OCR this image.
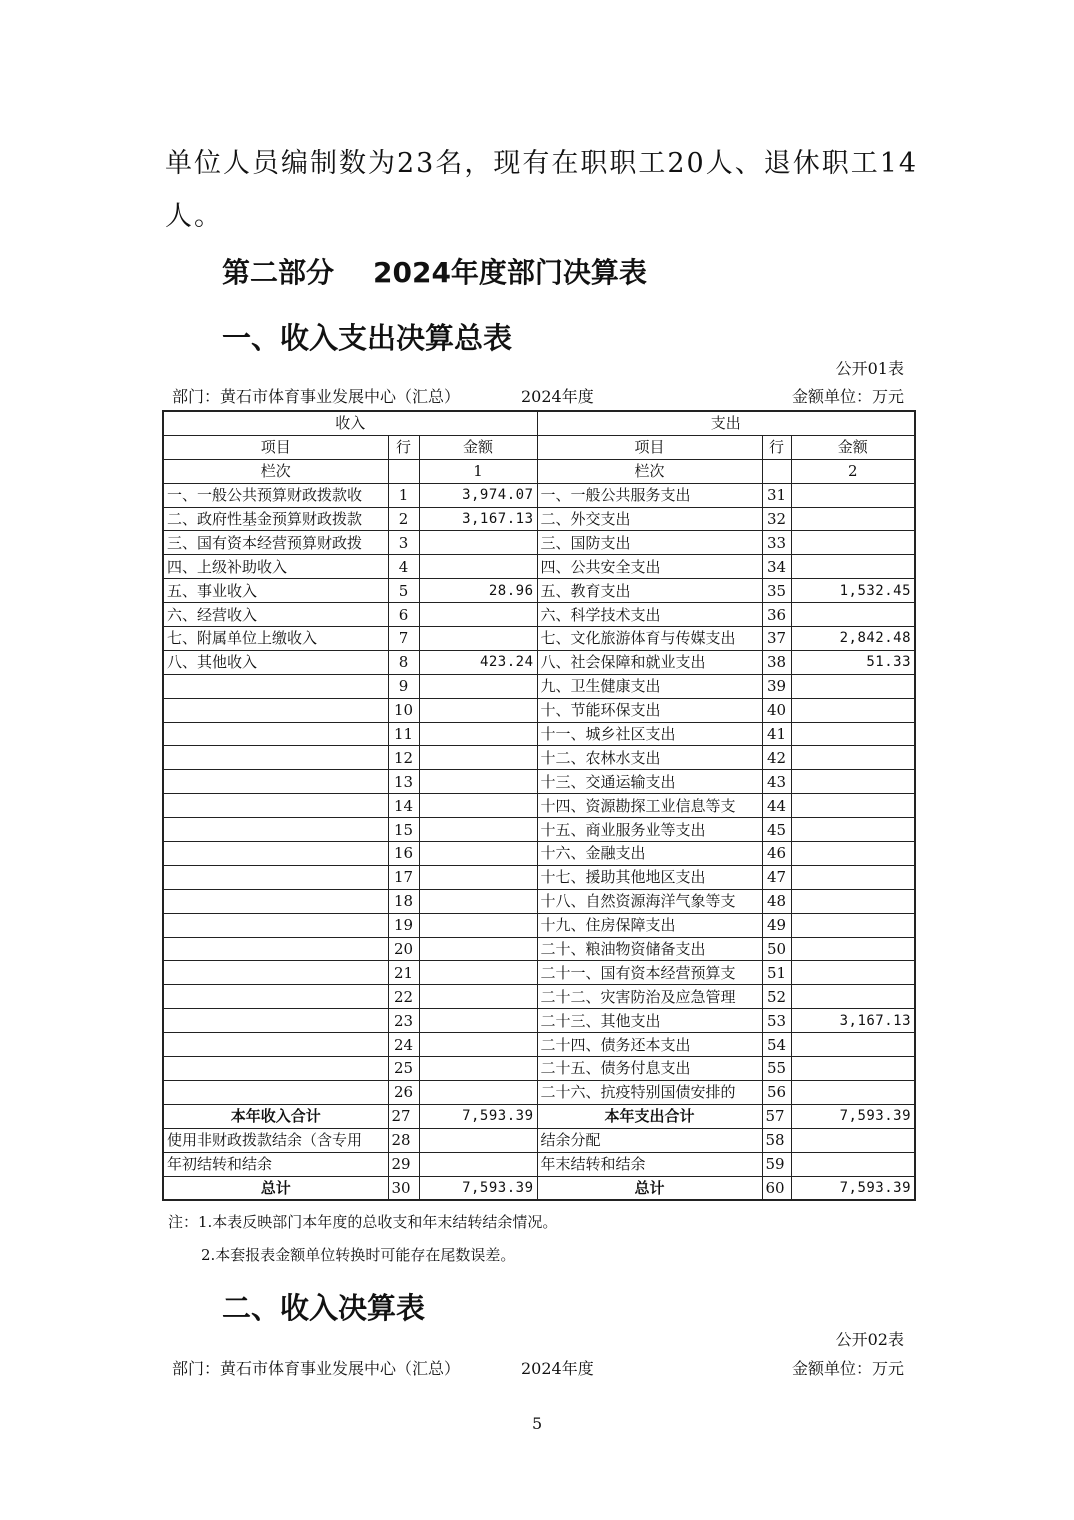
单位人员编制数为23名，现有在职职工20人、退休职工14人。
第二部分    2024年度部门决算表
一、收入支出决算总表
公开01表
部门：黄石市体育事业发展中心（汇总）	2024年度	金额单位：万元
收入			支出		
项目	行	金额	项目	行	金额
栏次		1	栏次		2
一、一般公共预算财政拨款收	1	3,974.07	一、一般公共服务支出	31	
二、政府性基金预算财政拨款	2	3,167.13	二、外交支出	32	
三、国有资本经营预算财政拨	3		三、国防支出	33	
四、上级补助收入	4		四、公共安全支出	34	
五、事业收入	5	28.96	五、教育支出	35	1,532.45
六、经营收入	6		六、科学技术支出	36	
七、附属单位上缴收入	7		七、文化旅游体育与传媒支出	37	2,842.48
八、其他收入	8	423.24	八、社会保障和就业支出	38	51.33
	9		九、卫生健康支出	39	
	10		十、节能环保支出	40	
	11		十一、城乡社区支出	41	
	12		十二、农林水支出	42	
	13		十三、交通运输支出	43	
	14		十四、资源勘探工业信息等支	44	
	15		十五、商业服务业等支出	45	
	16		十六、金融支出	46	
	17		十七、援助其他地区支出	47	
	18		十八、自然资源海洋气象等支	48	
	19		十九、住房保障支出	49	
	20		二十、粮油物资储备支出	50	
	21		二十一、国有资本经营预算支	51	
	22		二十二、灾害防治及应急管理	52	
	23		二十三、其他支出	53	3,167.13
	24		二十四、债务还本支出	54	
	25		二十五、债务付息支出	55	
	26		二十六、抗疫特别国债安排的	56	
本年收入合计	27	7,593.39	本年支出合计	57	7,593.39
使用非财政拨款结余（含专用	28		结余分配	58	
年初结转和结余	29		年末结转和结余	59	
总计	30	7,593.39	总计	60	7,593.39
注：1.本表反映部门本年度的总收支和年末结转结余情况。
2.本套报表金额单位转换时可能存在尾数误差。
二、收入决算表
公开02表
部门：黄石市体育事业发展中心（汇总）	2024年度	金额单位：万元
5
